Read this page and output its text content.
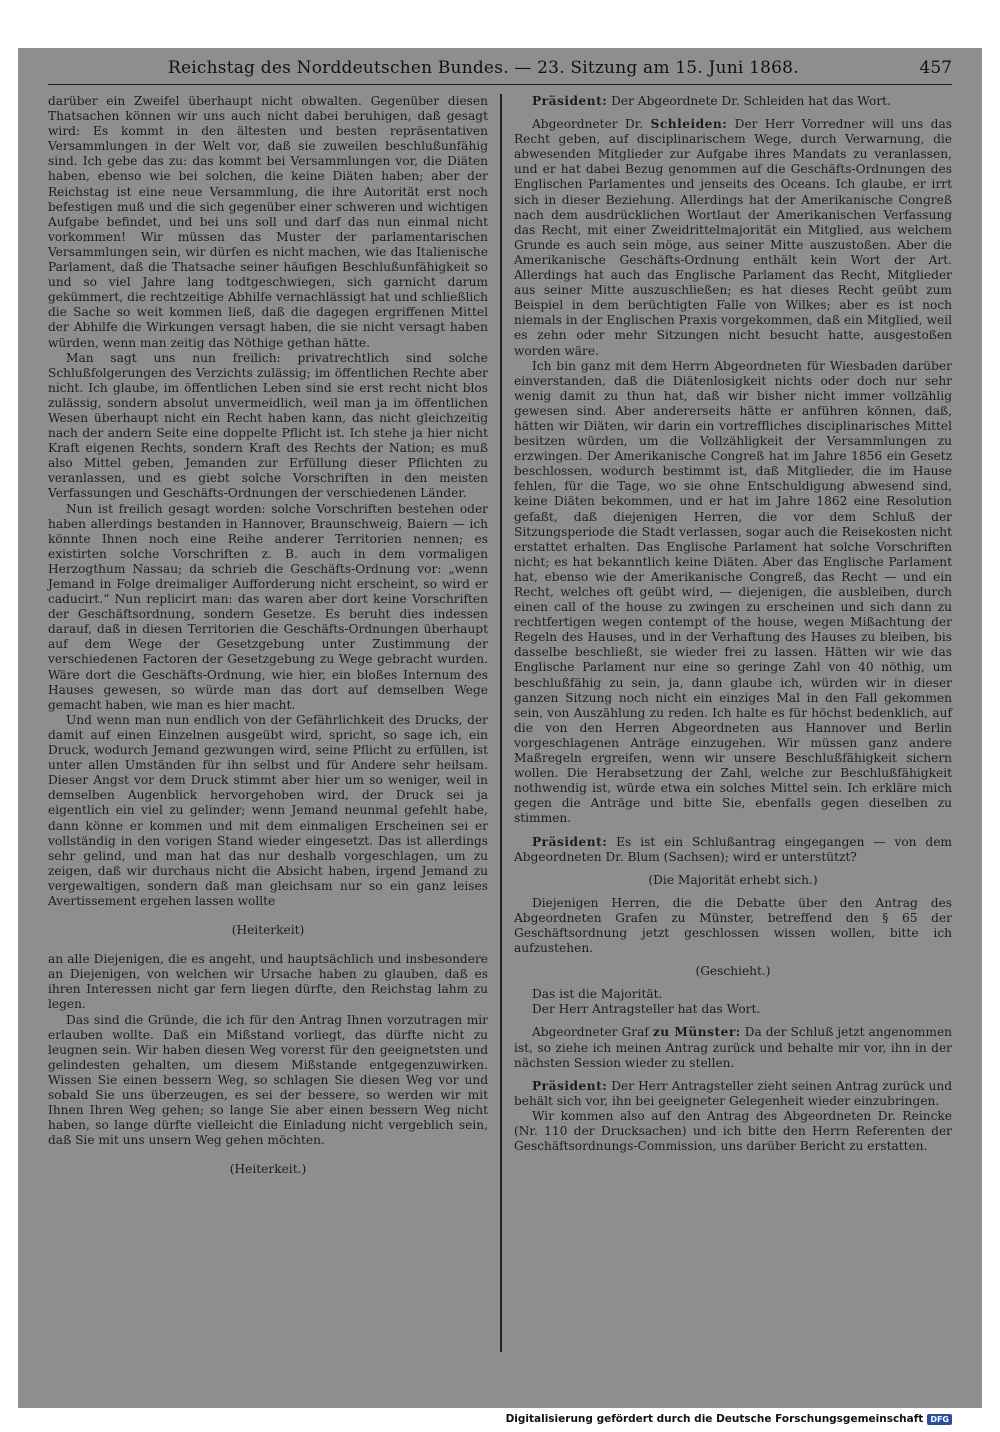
Reichstag des Norddeutschen Bundes. — 23. Sitzung am 15. Juni 1868.	457

darüber ein Zweifel überhaupt nicht obwalten. Gegenüber diesen Thatsachen können wir uns auch nicht dabei beruhigen, daß gesagt wird: Es kommt in den ältesten und besten repräsentativen Versammlungen in der Welt vor, daß sie zuweilen beschlußunfähig sind. Ich gebe das zu: das kommt bei Versammlungen vor, die Diäten haben, ebenso wie bei solchen, die keine Diäten haben; aber der Reichstag ist eine neue Versammlung, die ihre Autorität erst noch befestigen muß und die sich gegenüber einer schweren und wichtigen Aufgabe befindet, und bei uns soll und darf das nun einmal nicht vorkommen! Wir müssen das Muster der parlamentarischen Versammlungen sein, wir dürfen es nicht machen, wie das Italienische Parlament, daß die Thatsache seiner häufigen Beschlußunfähigkeit so und so viel Jahre lang todtgeschwiegen, sich garnicht darum gekümmert, die rechtzeitige Abhilfe vernachlässigt hat und schließlich die Sache so weit kommen ließ, daß die dagegen ergriffenen Mittel der Abhilfe die Wirkungen versagt haben, die sie nicht versagt haben würden, wenn man zeitig das Nöthige gethan hätte.

Man sagt uns nun freilich: privatrechtlich sind solche Schlußfolgerungen des Verzichts zulässig; im öffentlichen Rechte aber nicht. Ich glaube, im öffentlichen Leben sind sie erst recht nicht blos zulässig, sondern absolut unvermeidlich, weil man ja im öffentlichen Wesen überhaupt nicht ein Recht haben kann, das nicht gleichzeitig nach der andern Seite eine doppelte Pflicht ist. Ich stehe ja hier nicht Kraft eigenen Rechts, sondern Kraft des Rechts der Nation; es muß also Mittel geben, Jemanden zur Erfüllung dieser Pflichten zu veranlassen, und es giebt solche Vorschriften in den meisten Verfassungen und Geschäfts-Ordnungen der verschiedenen Länder.

Nun ist freilich gesagt worden: solche Vorschriften bestehen oder haben allerdings bestanden in Hannover, Braunschweig, Baiern — ich könnte Ihnen noch eine Reihe anderer Territorien nennen; es existirten solche Vorschriften z. B. auch in dem vormaligen Herzogthum Nassau; da schrieb die Geschäfts-Ordnung vor: „wenn Jemand in Folge dreimaliger Aufforderung nicht erscheint, so wird er caducirt.“ Nun replicirt man: das waren aber dort keine Vorschriften der Geschäftsordnung, sondern Gesetze. Es beruht dies indessen darauf, daß in diesen Territorien die Geschäfts-Ordnungen überhaupt auf dem Wege der Gesetzgebung unter Zustimmung der verschiedenen Factoren der Gesetzgebung zu Wege gebracht wurden. Wäre dort die Geschäfts-Ordnung, wie hier, ein bloßes Internum des Hauses gewesen, so würde man das dort auf demselben Wege gemacht haben, wie man es hier macht.

Und wenn man nun endlich von der Gefährlichkeit des Drucks, der damit auf einen Einzelnen ausgeübt wird, spricht, so sage ich, ein Druck, wodurch Jemand gezwungen wird, seine Pflicht zu erfüllen, ist unter allen Umständen für ihn selbst und für Andere sehr heilsam. Dieser Angst vor dem Druck stimmt aber hier um so weniger, weil in demselben Augenblick hervorgehoben wird, der Druck sei ja eigentlich ein viel zu gelinder; wenn Jemand neunmal gefehlt habe, dann könne er kommen und mit dem einmaligen Erscheinen sei er vollständig in den vorigen Stand wieder eingesetzt. Das ist allerdings sehr gelind, und man hat das nur deshalb vorgeschlagen, um zu zeigen, daß wir durchaus nicht die Absicht haben, irgend Jemand zu vergewaltigen, sondern daß man gleichsam nur so ein ganz leises Avertissement ergehen lassen wollte

(Heiterkeit)

an alle Diejenigen, die es angeht, und hauptsächlich und insbesondere an Diejenigen, von welchen wir Ursache haben zu glauben, daß es ihren Interessen nicht gar fern liegen dürfte, den Reichstag lahm zu legen.

Das sind die Gründe, die ich für den Antrag Ihnen vorzutragen mir erlauben wollte. Daß ein Mißstand vorliegt, das dürfte nicht zu leugnen sein. Wir haben diesen Weg vorerst für den geeignetsten und gelindesten gehalten, um diesem Mißstande entgegenzuwirken. Wissen Sie einen bessern Weg, so schlagen Sie diesen Weg vor und sobald Sie uns überzeugen, es sei der bessere, so werden wir mit Ihnen Ihren Weg gehen; so lange Sie aber einen bessern Weg nicht haben, so lange dürfte vielleicht die Einladung nicht vergeblich sein, daß Sie mit uns unsern Weg gehen möchten.

(Heiterkeit.)

Präsident: Der Abgeordnete Dr. Schleiden hat das Wort.

Abgeordneter Dr. Schleiden: Der Herr Vorredner will uns das Recht geben, auf disciplinarischem Wege, durch Verwarnung, die abwesenden Mitglieder zur Aufgabe ihres Mandats zu veranlassen, und er hat dabei Bezug genommen auf die Geschäfts-Ordnungen des Englischen Parlamentes und jenseits des Oceans. Ich glaube, er irrt sich in dieser Beziehung. Allerdings hat der Amerikanische Congreß nach dem ausdrücklichen Wortlaut der Amerikanischen Verfassung das Recht, mit einer Zweidrittelmajorität ein Mitglied, aus welchem Grunde es auch sein möge, aus seiner Mitte auszustoßen. Aber die Amerikanische Geschäfts-Ordnung enthält kein Wort der Art. Allerdings hat auch das Englische Parlament das Recht, Mitglieder aus seiner Mitte auszuschließen; es hat dieses Recht geübt zum Beispiel in dem berüchtigten Falle von Wilkes; aber es ist noch niemals in der Englischen Praxis vorgekommen, daß ein Mitglied, weil es zehn oder mehr Sitzungen nicht besucht hatte, ausgestoßen worden wäre.

Ich bin ganz mit dem Herrn Abgeordneten für Wiesbaden darüber einverstanden, daß die Diätenlosigkeit nichts oder doch nur sehr wenig damit zu thun hat, daß wir bisher nicht immer vollzählig gewesen sind. Aber andererseits hätte er anführen können, daß, hätten wir Diäten, wir darin ein vortreffliches disciplinarisches Mittel besitzen würden, um die Vollzähligkeit der Versammlungen zu erzwingen. Der Amerikanische Congreß hat im Jahre 1856 ein Gesetz beschlossen, wodurch bestimmt ist, daß Mitglieder, die im Hause fehlen, für die Tage, wo sie ohne Entschuldigung abwesend sind, keine Diäten bekommen, und er hat im Jahre 1862 eine Resolution gefaßt, daß diejenigen Herren, die vor dem Schluß der Sitzungsperiode die Stadt verlassen, sogar auch die Reisekosten nicht erstattet erhalten. Das Englische Parlament hat solche Vorschriften nicht; es hat bekanntlich keine Diäten. Aber das Englische Parlament hat, ebenso wie der Amerikanische Congreß, das Recht — und ein Recht, welches oft geübt wird, — diejenigen, die ausbleiben, durch einen call of the house zu zwingen zu erscheinen und sich dann zu rechtfertigen wegen contempt of the house, wegen Mißachtung der Regeln des Hauses, und in der Verhaftung des Hauses zu bleiben, bis dasselbe beschließt, sie wieder frei zu lassen. Hätten wir wie das Englische Parlament nur eine so geringe Zahl von 40 nöthig, um beschlußfähig zu sein, ja, dann glaube ich, würden wir in dieser ganzen Sitzung noch nicht ein einziges Mal in den Fall gekommen sein, von Auszählung zu reden. Ich halte es für höchst bedenklich, auf die von den Herren Abgeordneten aus Hannover und Berlin vorgeschlagenen Anträge einzugehen. Wir müssen ganz andere Maßregeln ergreifen, wenn wir unsere Beschlußfähigkeit sichern wollen. Die Herabsetzung der Zahl, welche zur Beschlußfähigkeit nothwendig ist, würde etwa ein solches Mittel sein. Ich erkläre mich gegen die Anträge und bitte Sie, ebenfalls gegen dieselben zu stimmen.

Präsident: Es ist ein Schlußantrag eingegangen — von dem Abgeordneten Dr. Blum (Sachsen); wird er unterstützt?

(Die Majorität erhebt sich.)

Diejenigen Herren, die die Debatte über den Antrag des Abgeordneten Grafen zu Münster, betreffend den § 65 der Geschäftsordnung jetzt geschlossen wissen wollen, bitte ich aufzustehen.

(Geschieht.)

Das ist die Majorität.

Der Herr Antragsteller hat das Wort.

Abgeordneter Graf zu Münster: Da der Schluß jetzt angenommen ist, so ziehe ich meinen Antrag zurück und behalte mir vor, ihn in der nächsten Session wieder zu stellen.

Präsident: Der Herr Antragsteller zieht seinen Antrag zurück und behält sich vor, ihn bei geeigneter Gelegenheit wieder einzubringen.

Wir kommen also auf den Antrag des Abgeordneten Dr. Reincke (Nr. 110 der Drucksachen) und ich bitte den Herrn Referenten der Geschäftsordnungs-Commission, uns darüber Bericht zu erstatten.

Digitalisierung gefördert durch die Deutsche Forschungsgemeinschaft DFG
